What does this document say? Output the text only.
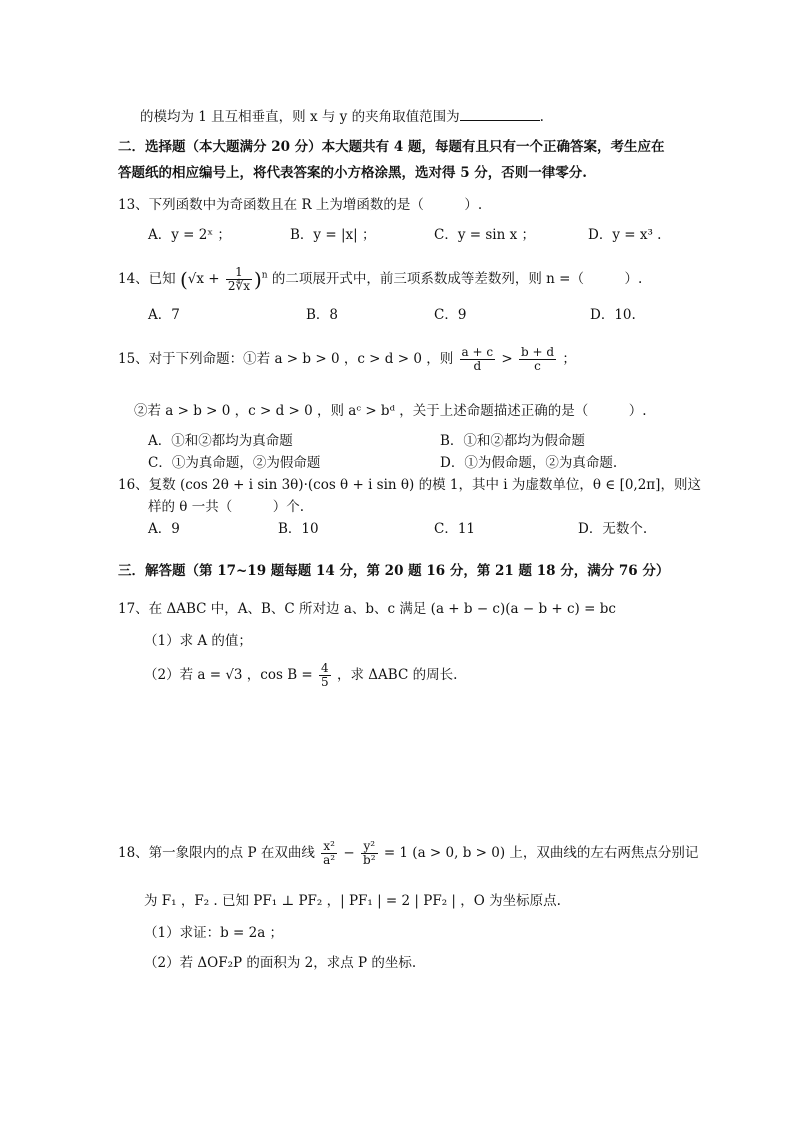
的模均为 1 且互相垂直，则 x 与 y 的夹角取值范围为	.
二．选择题（本大题满分 20 分）本大题共有 4 题，每题有且只有一个正确答案，考生应在
答题纸的相应编号上，将代表答案的小方格涂黑，选对得 5 分，否则一律零分.
13、下列函数中为奇函数且在 R 上为增函数的是（　　　）.
A．y = 2ˣ ；	B．y = |x| ；	C．y = sin x ；	D．y = x³ .
14、已知 $(√x + \frac{1}{2∜x} )^n$ 的二项展开式中，前三项系数成等差数列，则 n =（　　　）.
A．7	B．8	C．9	D．10.
15、对于下列命题：①若 a > b > 0 ，c > d > 0 ，则 $\frac{a + c}{d} > \frac{b + d}{c}$ ；
②若 a > b > 0 ，c > d > 0 ，则 aᶜ > bᵈ ，关于上述命题描述正确的是（　　　）.
A．①和②都均为真命题	B．①和②都均为假命题
C．①为真命题，②为假命题	D．①为假命题，②为真命题.
16、复数 (cos 2θ + i sin 3θ)·(cos θ + i sin θ) 的模 1，其中 i 为虚数单位，θ ∈ [0,2π]，则这
样的 θ 一共（　　　）个.
A．9	B．10	C．11	D．无数个.
三．解答题（第 17~19 题每题 14 分，第 20 题 16 分，第 21 题 18 分，满分 76 分）
17、在 ΔABC 中，A、B、C 所对边 a、b、c 满足 (a + b − c)(a − b + c) = bc
（1）求 A 的值；
（2）若 a = √3 ，$\cos B = \frac{4}{5}$ ，求 ΔABC 的周长.
18、第一象限内的点 P 在双曲线 $\frac{\text{x²}}{\text{a²}} - \frac{\text{y²}}{\text{b²}} = 1$ (a > 0, b > 0) 上，双曲线的左右两焦点分别记
为 F₁ ，F₂ . 已知 PF₁ ⊥ PF₂ ，| PF₁ | = 2 | PF₂ | ，O 为坐标原点.
（1）求证：b = 2a ；
（2）若 ΔOF₂P 的面积为 2，求点 P 的坐标.
